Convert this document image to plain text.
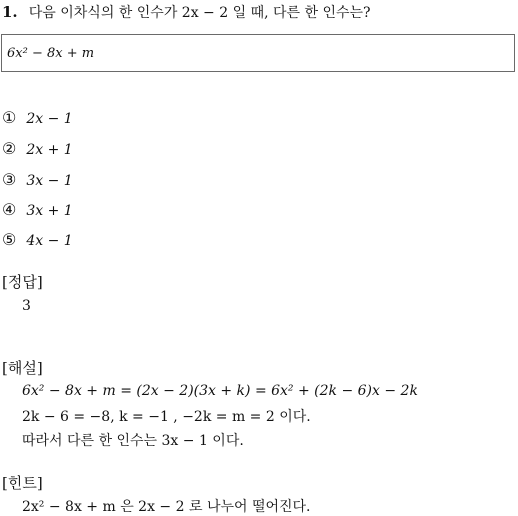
1. 다음 이차식의 한 인수가 2x − 2 일 때, 다른 한 인수는?
6x² − 8x + m
① 2x − 1
② 2x + 1
③ 3x − 1
④ 3x + 1
⑤ 4x − 1
[정답]
3
[해설]
6x² − 8x + m = (2x − 2)(3x + k) = 6x² + (2k − 6)x − 2k
2k − 6 = −8, k = −1 , −2k = m = 2 이다.
따라서 다른 한 인수는 3x − 1 이다.
[힌트]
2x² − 8x + m 은 2x − 2 로 나누어 떨어진다.
